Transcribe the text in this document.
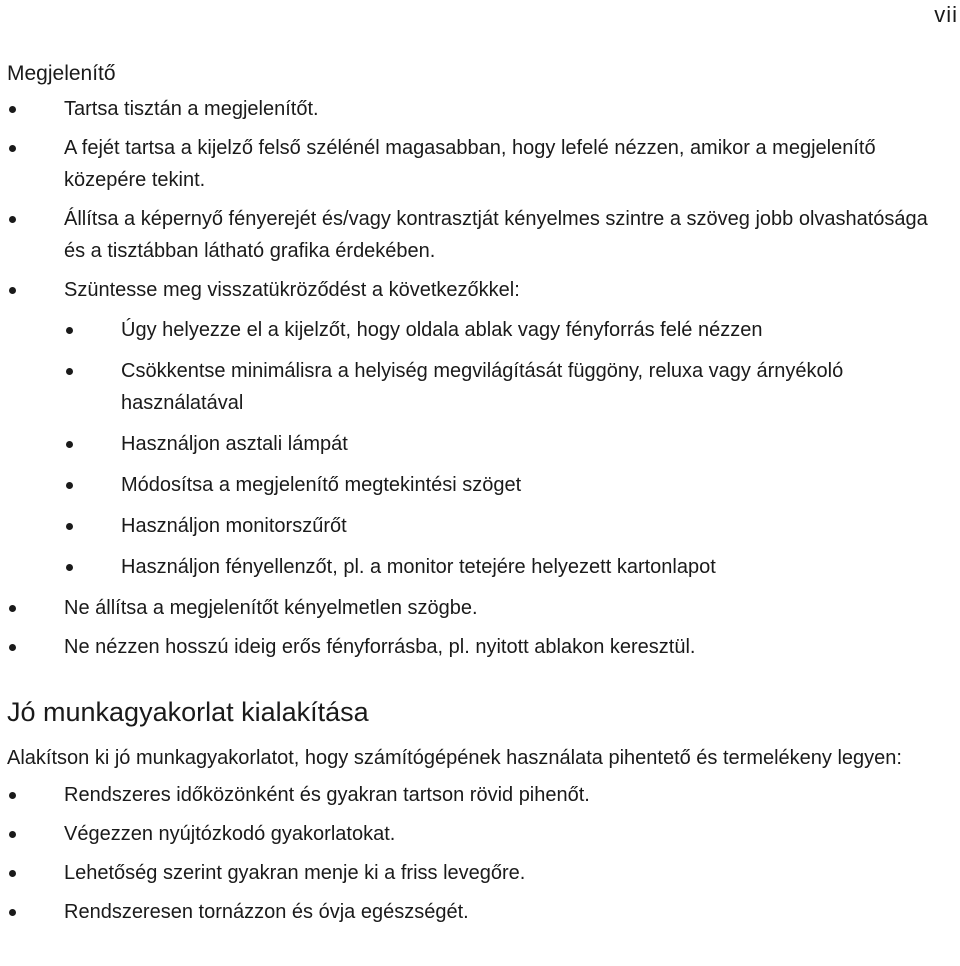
vii
Megjelenítő
Tartsa tisztán a megjelenítőt.
A fejét tartsa a kijelző felső szélénél magasabban, hogy lefelé nézzen, amikor a megjelenítő közepére tekint.
Állítsa a képernyő fényerejét és/vagy kontrasztját kényelmes szintre a szöveg jobb olvashatósága és a tisztábban látható grafika érdekében.
Szüntesse meg visszatükröződést a következőkkel:
Úgy helyezze el a kijelzőt, hogy oldala ablak vagy fényforrás felé nézzen
Csökkentse minimálisra a helyiség megvilágítását függöny, reluxa vagy árnyékoló használatával
Használjon asztali lámpát
Módosítsa a megjelenítő megtekintési szöget
Használjon monitorszűrőt
Használjon fényellenzőt, pl. a monitor tetejére helyezett kartonlapot
Ne állítsa a megjelenítőt kényelmetlen szögbe.
Ne nézzen hosszú ideig erős fényforrásba, pl. nyitott ablakon keresztül.
Jó munkagyakorlat kialakítása
Alakítson ki jó munkagyakorlatot, hogy számítógépének használata pihentető és termelékeny legyen:
Rendszeres időközönként és gyakran tartson rövid pihenőt.
Végezzen nyújtózkodó gyakorlatokat.
Lehetőség szerint gyakran menje ki a friss levegőre.
Rendszeresen tornázzon és óvja egészségét.
